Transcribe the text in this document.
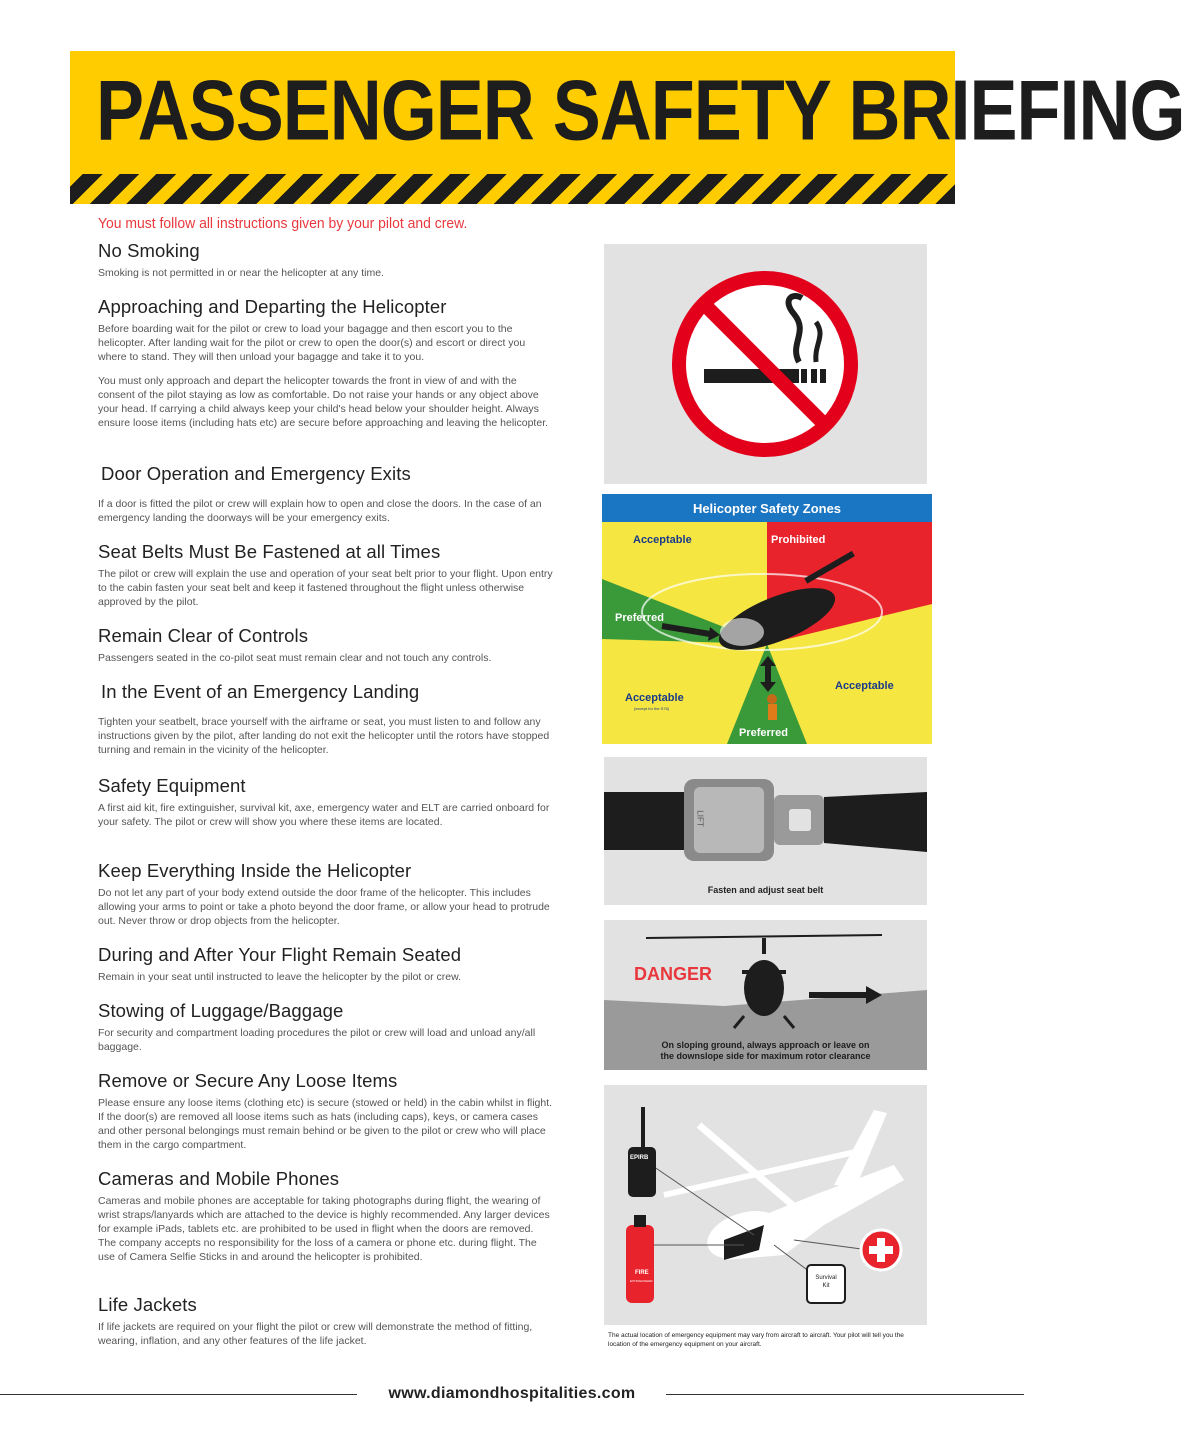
PASSENGER SAFETY BRIEFING
You must follow all instructions given by your pilot and crew.
No Smoking

Smoking is not permitted in or near the helicopter at any time.

Approaching and Departing the Helicopter

Before boarding wait for the pilot or crew to load your bagagge and then escort you to the helicopter. After landing wait for the pilot or crew to open the door(s) and escort or direct you where to stand. They will then unload your bagagge and take it to you.

You must only approach and depart the helicopter towards the front in view of and with the consent of the pilot staying as low as comfortable. Do not raise your hands or any object above your head. If carrying a child always keep your child's head below your shoulder height. Always ensure loose items (including hats etc) are secure before approaching and leaving the helicopter.

Door Operation and Emergency Exits

If a door is fitted the pilot or crew will explain how to open and close the doors. In the case of an emergency landing the doorways will be your emergency exits.

Seat Belts Must Be Fastened at all Times

The pilot or crew will explain the use and operation of your seat belt prior to your flight. Upon entry to the cabin fasten your seat belt and keep it fastened throughout the flight unless otherwise approved by the pilot.

Remain Clear of Controls

Passengers seated in the co-pilot seat must remain clear and not touch any controls.

In the Event of an Emergency Landing

Tighten your seatbelt, brace yourself with the airframe or seat, you must listen to and follow any instructions given by the pilot, after landing do not exit the helicopter until the rotors have stopped turning and remain in the vicinity of the helicopter.

Safety Equipment

A first aid kit, fire extinguisher, survival kit, axe, emergency water and ELT are carried onboard for your safety. The pilot or crew will show you where these items are located.

Keep Everything Inside the Helicopter

Do not let any part of your body extend outside the door frame of the helicopter. This includes allowing your arms to point or take a photo beyond the door frame, or allow your head to protrude out. Never throw or drop objects from the helicopter.

During and After Your Flight Remain Seated

Remain in your seat until instructed to leave the helicopter by the pilot or crew.

Stowing of Luggage/Baggage

For security and compartment loading procedures the pilot or crew will load and unload any/all baggage.

Remove or Secure Any Loose Items

Please ensure any loose items (clothing etc) is secure (stowed or held) in the cabin whilst in flight. If the door(s) are removed all loose items such as hats (including caps), keys, or camera cases and other personal belongings must remain behind or be given to the pilot or crew who will place them in the cargo compartment.

Cameras and Mobile Phones

Cameras and mobile phones are acceptable for taking photographs during flight, the wearing of wrist straps/lanyards which are attached to the device is highly recommended. Any larger devices for example iPads, tablets etc. are prohibited to be used in flight when the doors are removed. The company accepts no responsibility for the loss of a camera or phone etc. during flight. The use of Camera Selfie Sticks in and around the helicopter is prohibited.

Life Jackets

If life jackets are required on your flight the pilot or crew will demonstrate the method of fitting, wearing, inflation, and any other features of the life jacket.

Helicopter Safety Zones
Acceptable	Prohibited
Preferred
Acceptable
(except for the S76)
Preferred
Acceptable
LIFT
Fasten and adjust seat belt
DANGER
On sloping ground, always approach or leave on
the downslope side for maximum rotor clearance
EPIRB
FIRE
EXTINGUISHER	Survival
Kit
The actual location of emergency equipment may vary from aircraft to aircraft. Your pilot will tell you the location of the emergency equipment on your aircraft.
www.diamondhospitalities.com
